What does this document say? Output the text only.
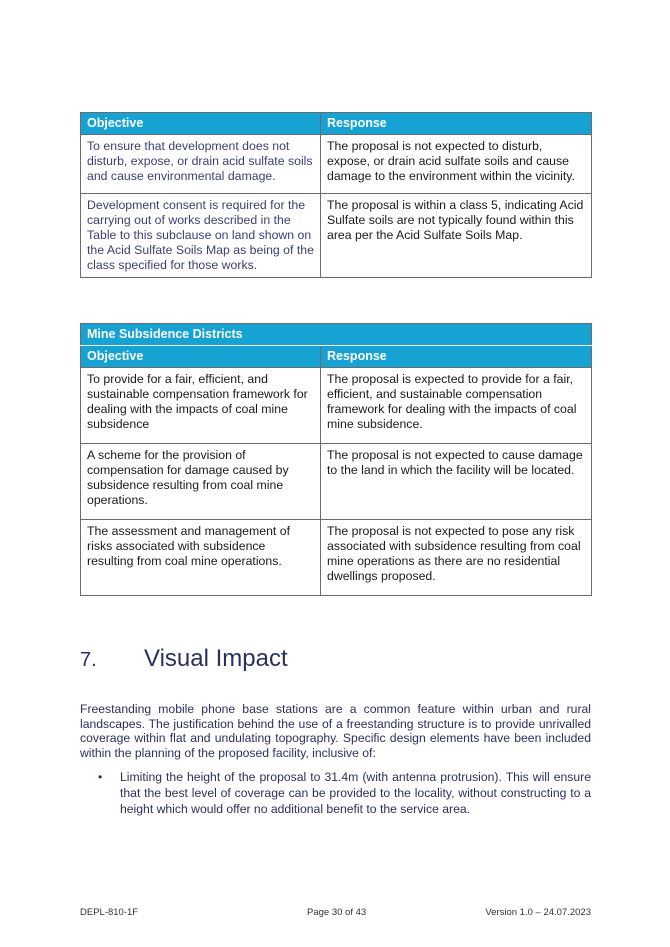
Objective	Response
To ensure that development does not disturb, expose, or drain acid sulfate soils and cause environmental damage.	The proposal is not expected to disturb, expose, or drain acid sulfate soils and cause damage to the environment within the vicinity.
Development consent is required for the carrying out of works described in the Table to this subclause on land shown on the Acid Sulfate Soils Map as being of the class specified for those works.	The proposal is within a class 5, indicating Acid Sulfate soils are not typically found within this area per the Acid Sulfate Soils Map.
Mine Subsidence Districts	
Objective	Response
To provide for a fair, efficient, and sustainable compensation framework for dealing with the impacts of coal mine subsidence	The proposal is expected to provide for a fair, efficient, and sustainable compensation framework for dealing with the impacts of coal mine subsidence.
A scheme for the provision of compensation for damage caused by subsidence resulting from coal mine operations.	The proposal is not expected to cause damage to the land in which the facility will be located.
The assessment and management of risks associated with subsidence resulting from coal mine operations.	The proposal is not expected to pose any risk associated with subsidence resulting from coal mine operations as there are no residential dwellings proposed.
7. Visual Impact
Freestanding mobile phone base stations are a common feature within urban and rural landscapes. The justification behind the use of a freestanding structure is to provide unrivalled coverage within flat and undulating topography. Specific design elements have been included within the planning of the proposed facility, inclusive of:
• Limiting the height of the proposal to 31.4m (with antenna protrusion). This will ensure that the best level of coverage can be provided to the locality, without constructing to a height which would offer no additional benefit to the service area.
DEPL-810-1F	Page 30 of 43	Version 1.0 – 24.07.2023
